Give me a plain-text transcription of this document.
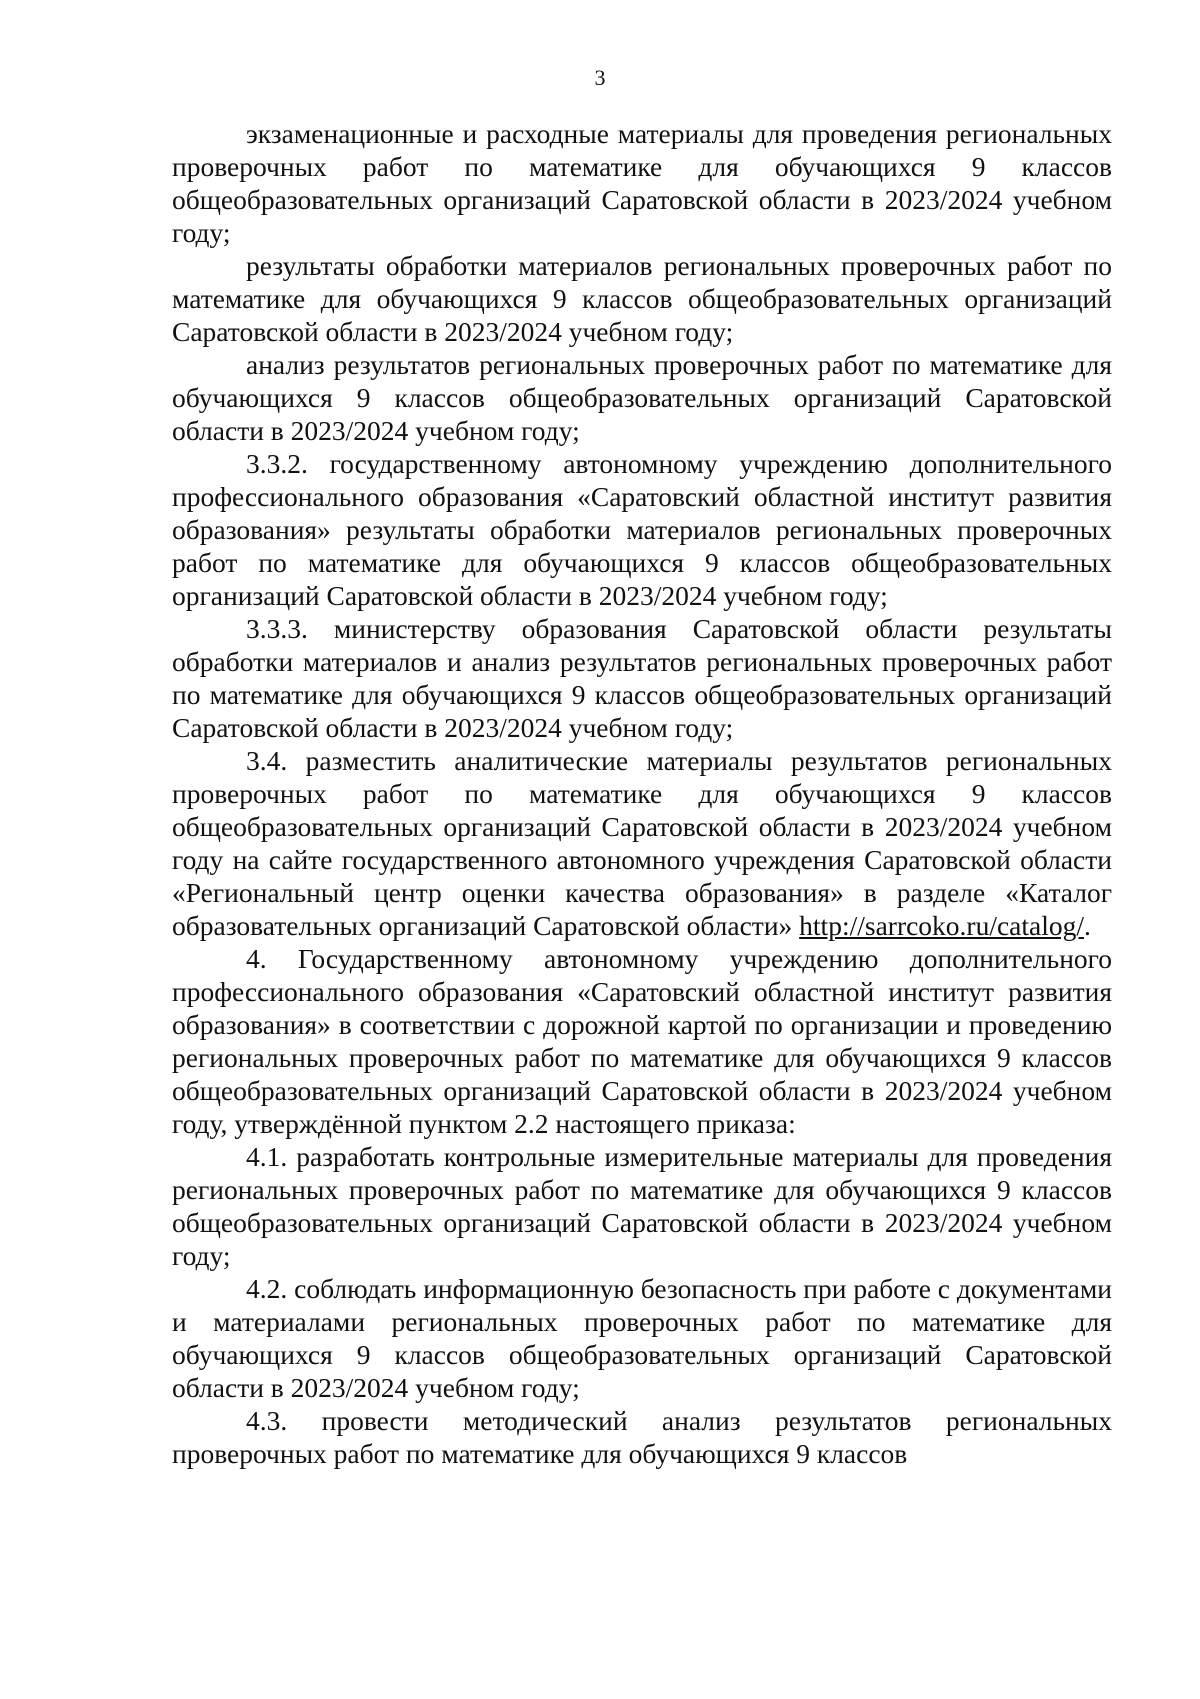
3

экзаменационные и расходные материалы для проведения региональных проверочных работ по математике для обучающихся 9 классов общеобразовательных организаций Саратовской области в 2023/2024 учебном году;

результаты обработки материалов региональных проверочных работ по математике для обучающихся 9 классов общеобразовательных организаций Саратовской области в 2023/2024 учебном году;

анализ результатов региональных проверочных работ по математике для обучающихся 9 классов общеобразовательных организаций Саратовской области в 2023/2024 учебном году;

3.3.2. государственному автономному учреждению дополнительного профессионального образования «Саратовский областной институт развития образования» результаты обработки материалов региональных проверочных работ по математике для обучающихся 9 классов общеобразовательных организаций Саратовской области в 2023/2024 учебном году;

3.3.3. министерству образования Саратовской области результаты обработки материалов и анализ результатов региональных проверочных работ по математике для обучающихся 9 классов общеобразовательных организаций Саратовской области в 2023/2024 учебном году;

3.4. разместить аналитические материалы результатов региональных проверочных работ по математике для обучающихся 9 классов общеобразовательных организаций Саратовской области в 2023/2024 учебном году на сайте государственного автономного учреждения Саратовской области «Региональный центр оценки качества образования» в разделе «Каталог образовательных организаций Саратовской области» http://sarrcoko.ru/catalog/.

4. Государственному автономному учреждению дополнительного профессионального образования «Саратовский областной институт развития образования» в соответствии с дорожной картой по организации и проведению региональных проверочных работ по математике для обучающихся 9 классов общеобразовательных организаций Саратовской области в 2023/2024 учебном году, утверждённой пунктом 2.2 настоящего приказа:

4.1. разработать контрольные измерительные материалы для проведения региональных проверочных работ по математике для обучающихся 9 классов общеобразовательных организаций Саратовской области в 2023/2024 учебном году;

4.2. соблюдать информационную безопасность при работе с документами и материалами региональных проверочных работ по математике для обучающихся 9 классов общеобразовательных организаций Саратовской области в 2023/2024 учебном году;

4.3. провести методический анализ результатов региональных проверочных работ по математике для обучающихся 9 классов
